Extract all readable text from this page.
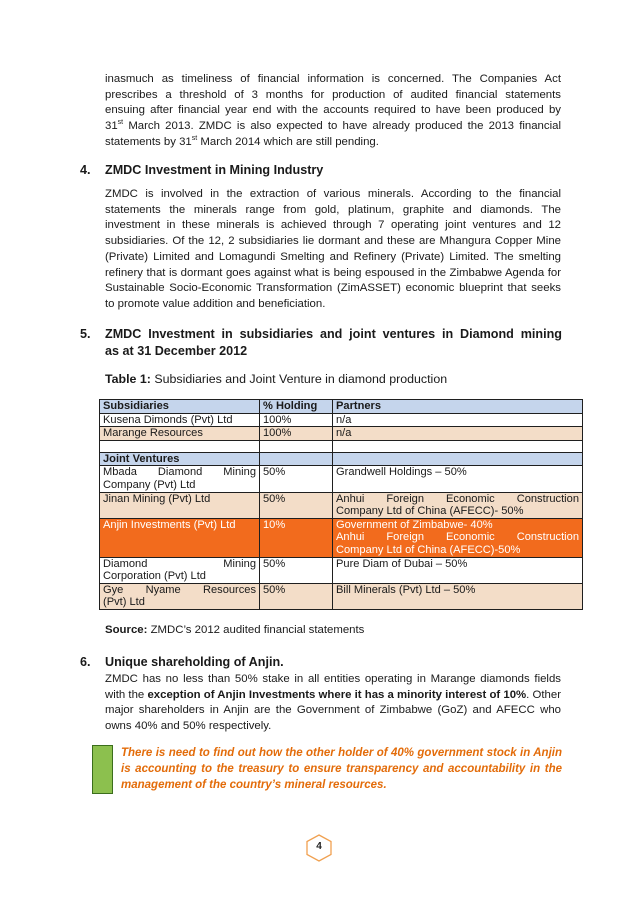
inasmuch as timeliness of financial information is concerned. The Companies Act
prescribes a threshold of 3 months for production of audited financial statements
ensuing after financial year end with the accounts required to have been produced by
31st March 2013. ZMDC is also expected to have already produced the 2013 financial
statements by 31st March 2014 which are still pending.
4. ZMDC Investment in Mining Industry

ZMDC is involved in the extraction of various minerals. According to the financial statements the minerals range from gold, platinum, graphite and diamonds. The investment in these minerals is achieved through 7 operating joint ventures and 12 subsidiaries. Of the 12, 2 subsidiaries lie dormant and these are Mhangura Copper Mine (Private) Limited and Lomagundi Smelting and Refinery (Private) Limited. The smelting refinery that is dormant goes against what is being espoused in the Zimbabwe Agenda for Sustainable Socio-Economic Transformation (ZimASSET) economic blueprint that seeks to promote value addition and beneficiation.

5. ZMDC Investment in subsidiaries and joint ventures in Diamond mining
as at 31 December 2012

Table 1: Subsidiaries and Joint Venture in diamond production

Subsidiaries	% Holding	Partners
Kusena Dimonds (Pvt) Ltd	100%	n/a
Marange Resources	100%	n/a

Joint Ventures		

Mbada Diamond Mining
Company (Pvt) Ltd	50%	Grandwell Holdings – 50%
Jinan Mining (Pvt) Ltd	50%	Anhui Foreign Economic Construction
Company Ltd of China (AFECC)- 50%

Anjin Investments (Pvt) Ltd	10%	Government of Zimbabwe- 40%
Anhui Foreign Economic Construction
Company Ltd of China (AFECC)-50%

Diamond Mining
Corporation (Pvt) Ltd	50%	Pure Diam of Dubai – 50%

Gye Nyame Resources
(Pvt) Ltd	50%	Bill Minerals (Pvt) Ltd – 50%

Source: ZMDC’s 2012 audited financial statements

6. Unique shareholding of Anjin.

ZMDC has no less than 50% stake in all entities operating in Marange diamonds fields with the exception of Anjin Investments where it has a minority interest of 10%. Other major shareholders in Anjin are the Government of Zimbabwe (GoZ) and AFECC who owns 40% and 50% respectively.

There is need to find out how the other holder of 40% government stock in Anjin is accounting to the treasury to ensure transparency and accountability in the management of the country’s mineral resources.

4
